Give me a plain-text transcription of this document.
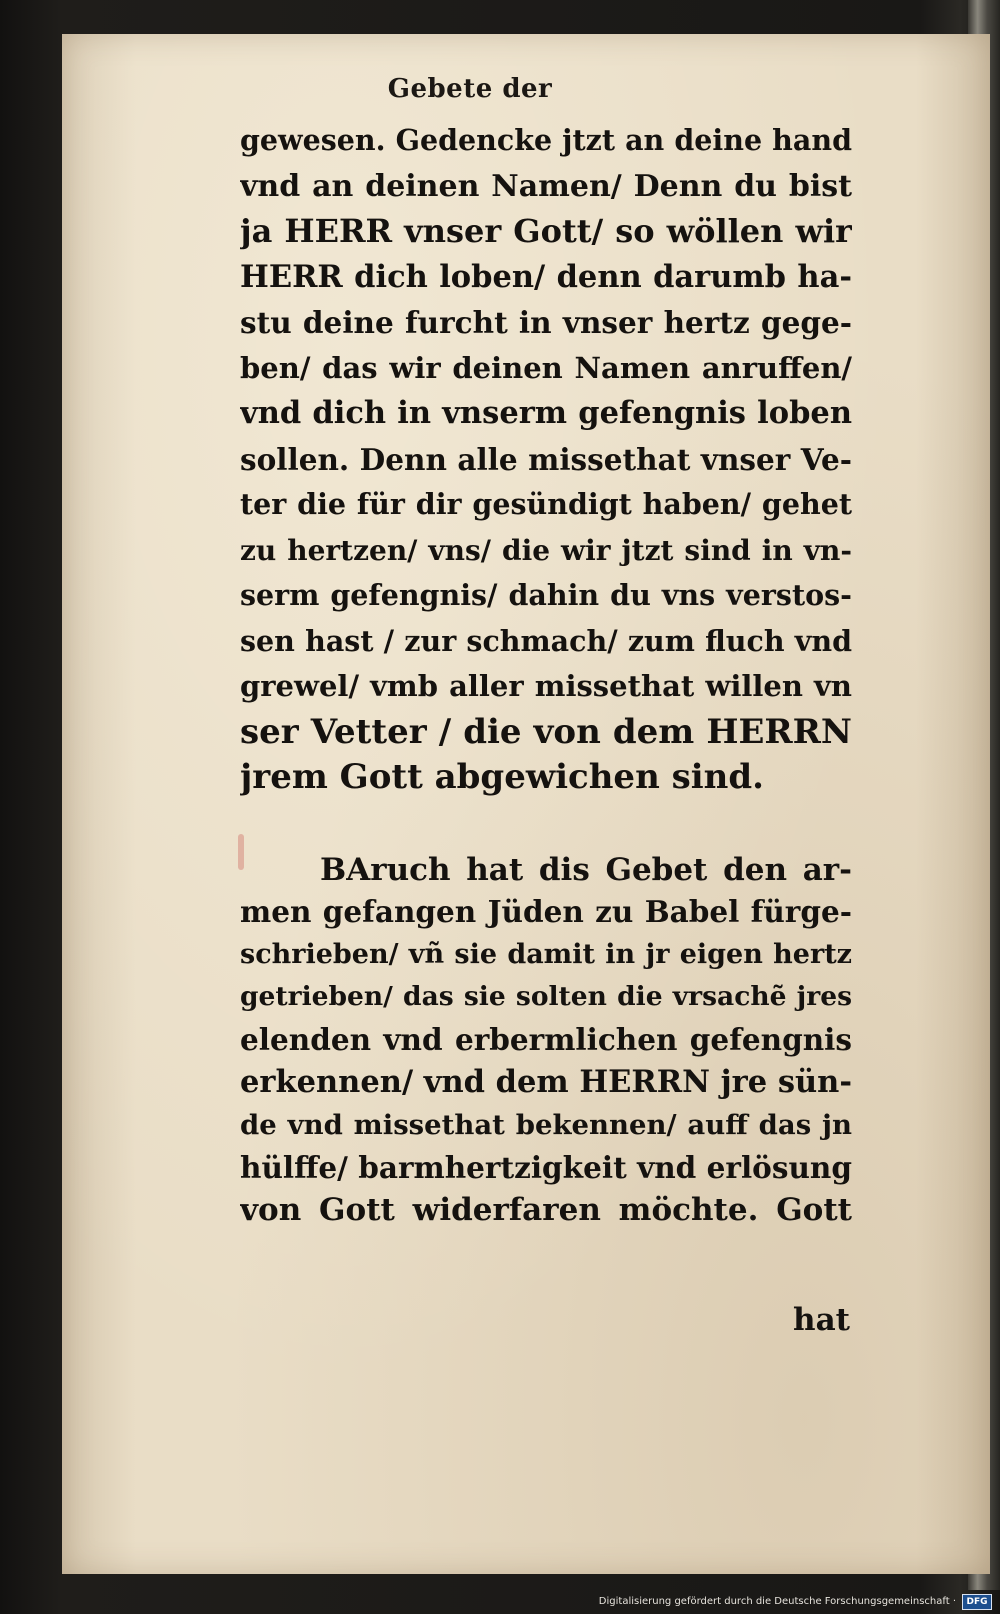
Gebete der
gewesen. Gedencke jtzt an deine hand
vnd an deinen Namen/ Denn du bist
ja HERR vnser Gott/ so wöllen wir
HERR dich loben/ denn darumb ha-
stu deine furcht in vnser hertz gege-
ben/ das wir deinen Namen anruffen/
vnd dich in vnserm gefengnis loben
sollen. Denn alle missethat vnser Ve-
ter die für dir gesündigt haben/ gehet
zu hertzen/ vns/ die wir jtzt sind in vn-
serm gefengnis/ dahin du vns verstos-
sen hast / zur schmach/ zum fluch vnd
grewel/ vmb aller missethat willen vn
ser Vetter / die von dem HERRN
jrem Gott abgewichen sind.
BAruch hat dis Gebet den ar-
men gefangen Jüden zu Babel fürge-
schrieben/ vñ sie damit in jr eigen hertz
getrieben/ das sie solten die vrsachẽ jres
elenden vnd erbermlichen gefengnis
erkennen/ vnd dem HERRN jre sün-
de vnd missethat bekennen/ auff das jn
hülffe/ barmhertzigkeit vnd erlösung
von Gott widerfaren möchte. Gott
hat
Digitalisierung gefördert durch die Deutsche Forschungsgemeinschaft ·	DFG
